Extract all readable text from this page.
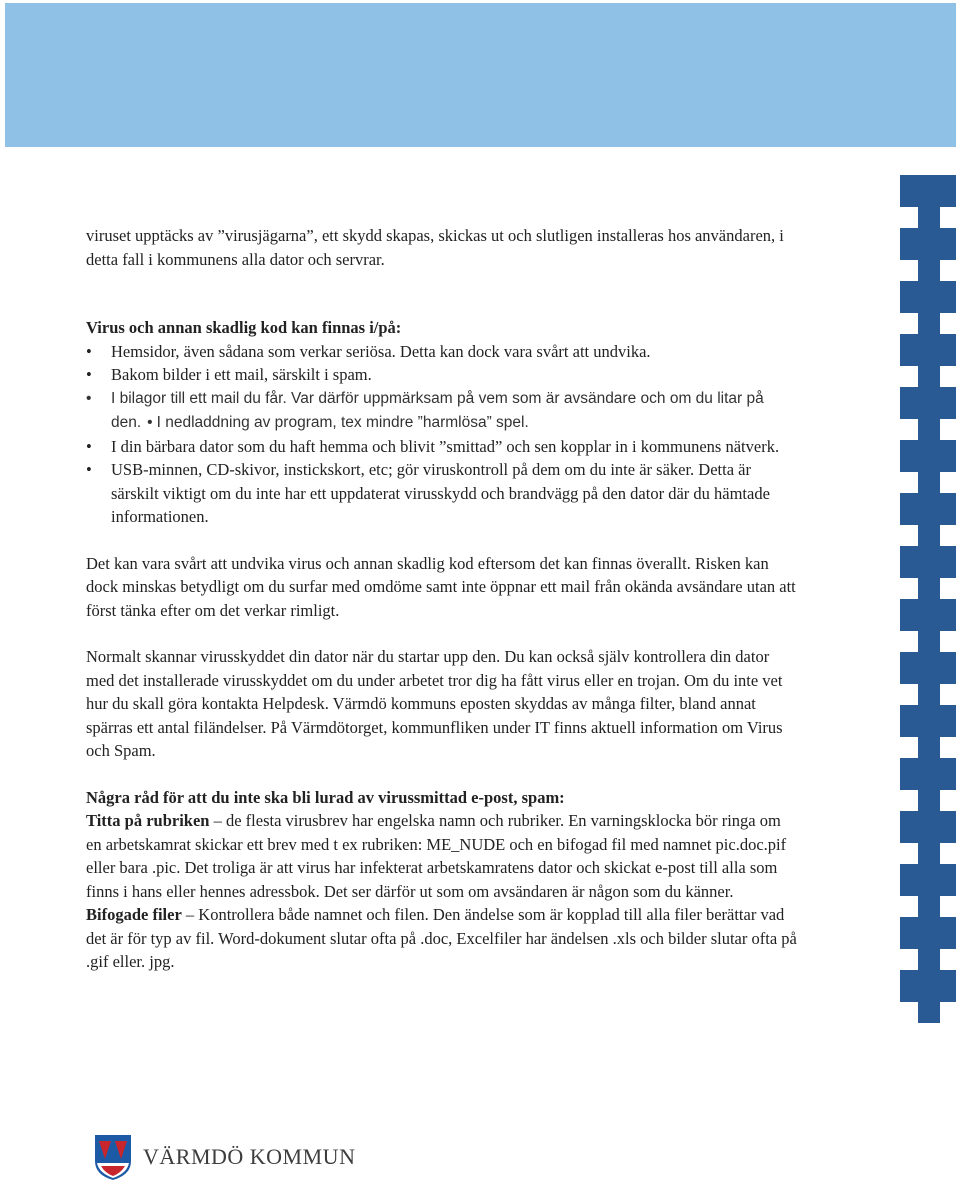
viruset upptäcks av ”virusjägarna”, ett skydd skapas, skickas ut och slutligen installeras hos användaren, i detta fall i kommunens alla dator och servrar.

Virus och annan skadlig kod kan finnas i/på:

• Hemsidor, även sådana som verkar seriösa. Detta kan dock vara svårt att undvika.
• Bakom bilder i ett mail, särskilt i spam.
• I bilagor till ett mail du får. Var därför uppmärksam på vem som är avsändare och om du litar på den. • I nedladdning av program, tex mindre ”harmlösa” spel.
• I din bärbara dator som du haft hemma och blivit ”smittad” och sen kopplar in i kommunens nätverk.
• USB-minnen, CD-skivor, instickskort, etc; gör viruskontroll på dem om du inte är säker. Detta är särskilt viktigt om du inte har ett uppdaterat virusskydd och brandvägg på den dator där du hämtade informationen.

Det kan vara svårt att undvika virus och annan skadlig kod eftersom det kan finnas överallt. Risken kan dock minskas betydligt om du surfar med omdöme samt inte öppnar ett mail från okända avsändare utan att först tänka efter om det verkar rimligt.

Normalt skannar virusskyddet din dator när du startar upp den. Du kan också själv kontrollera din dator med det installerade virusskyddet om du under arbetet tror dig ha fått virus eller en trojan. Om du inte vet hur du skall göra kontakta Helpdesk. Värmdö kommuns eposten skyddas av många filter, bland annat spärras ett antal filändelser. På Värmdötorget, kommunfliken under IT finns aktuell information om Virus och Spam.

Några råd för att du inte ska bli lurad av virussmittad e-post, spam:

Titta på rubriken – de flesta virusbrev har engelska namn och rubriker. En varningsklocka bör ringa om en arbetskamrat skickar ett brev med t ex rubriken: ME_NUDE och en bifogad fil med namnet pic.doc.pif eller bara .pic. Det troliga är att virus har infekterat arbetskamratens dator och skickat e-post till alla som finns i hans eller hennes adressbok. Det ser därför ut som om avsändaren är någon som du känner.

Bifogade filer – Kontrollera både namnet och filen. Den ändelse som är kopplad till alla filer berättar vad det är för typ av fil. Word-dokument slutar ofta på .doc, Excelfiler har ändelsen .xls och bilder slutar ofta på .gif eller. jpg.

VÄRMDÖ KOMMUN
